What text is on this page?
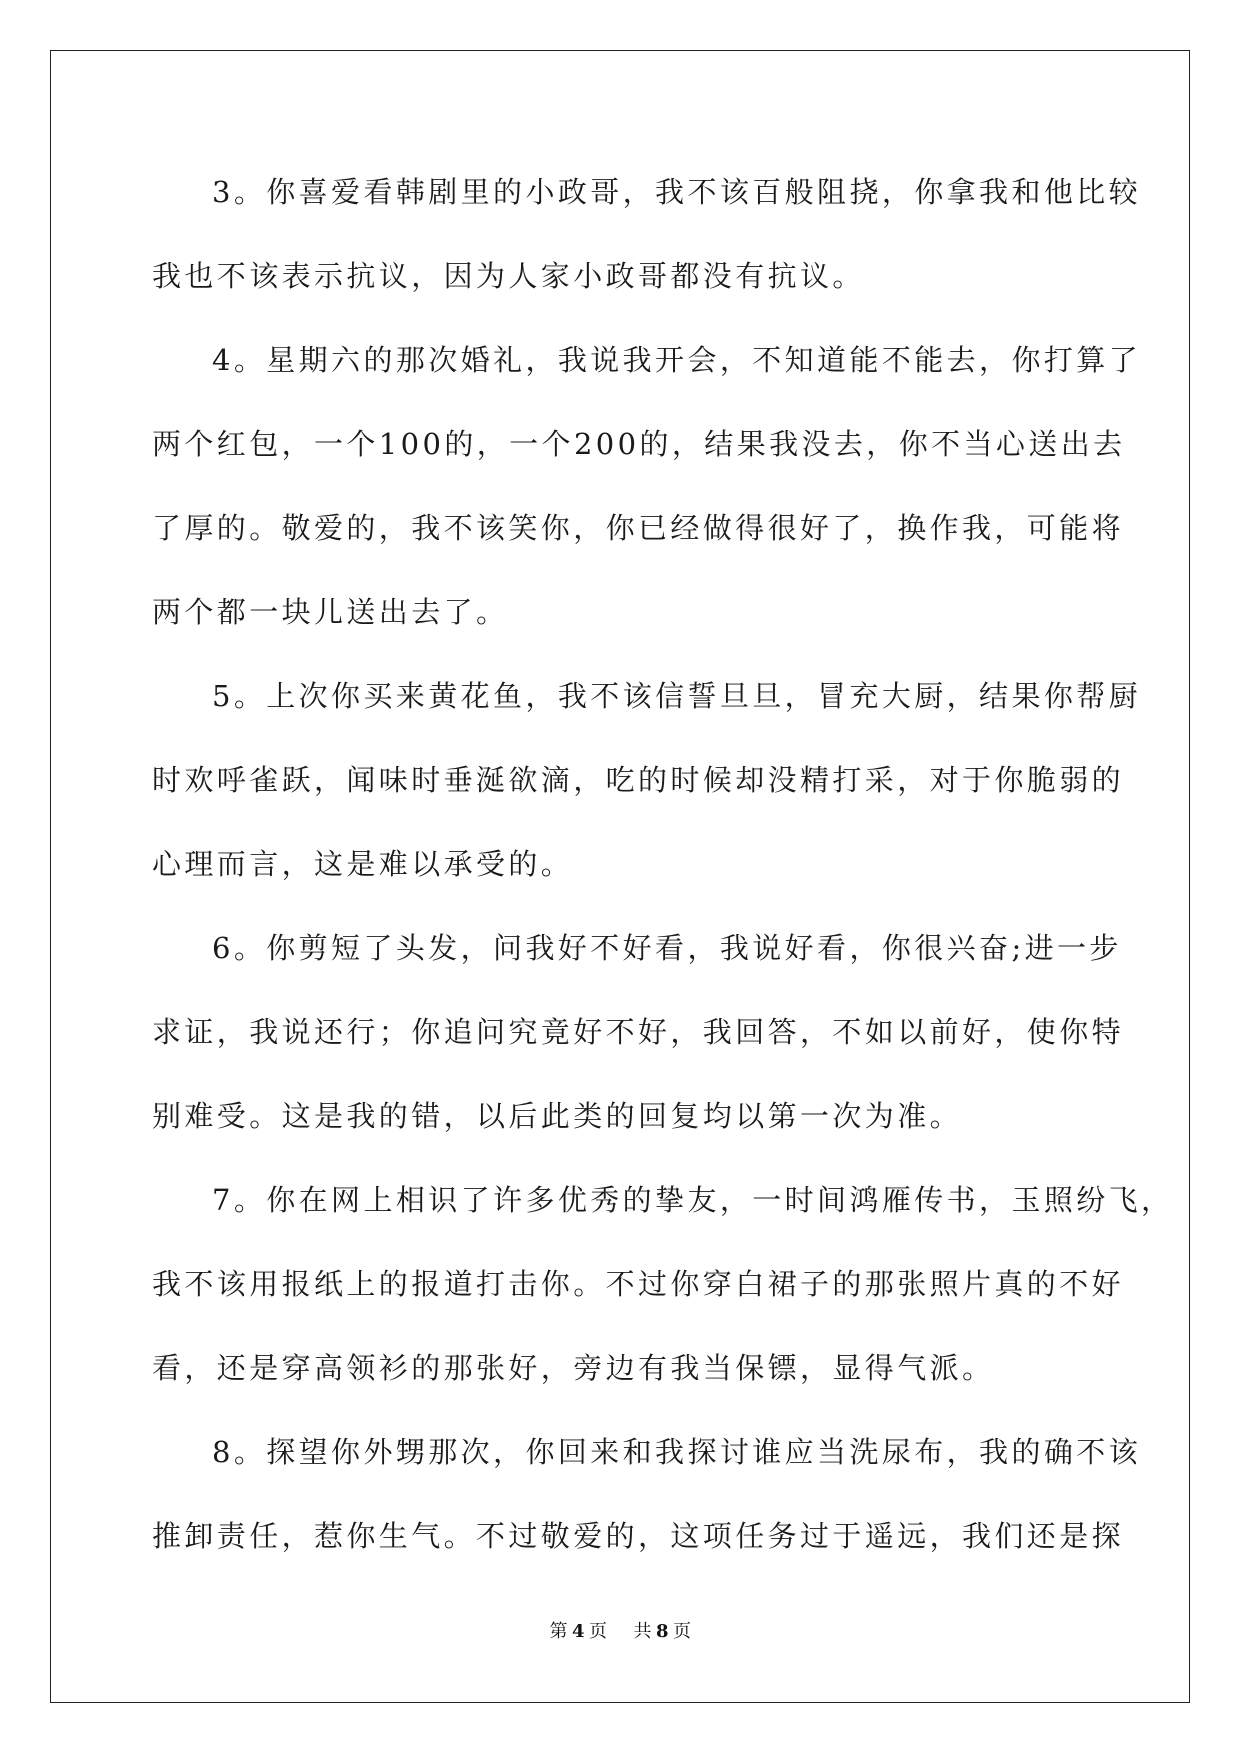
3。你喜爱看韩剧里的小政哥，我不该百般阻挠，你拿我和他比较
我也不该表示抗议，因为人家小政哥都没有抗议。
4。星期六的那次婚礼，我说我开会，不知道能不能去，你打算了
两个红包，一个100的，一个200的，结果我没去，你不当心送出去
了厚的。敬爱的，我不该笑你，你已经做得很好了，换作我，可能将
两个都一块儿送出去了。
5。上次你买来黄花鱼，我不该信誓旦旦，冒充大厨，结果你帮厨
时欢呼雀跃，闻味时垂涎欲滴，吃的时候却没精打采，对于你脆弱的
心理而言，这是难以承受的。
6。你剪短了头发，问我好不好看，我说好看，你很兴奋;进一步
求证，我说还行；你追问究竟好不好，我回答，不如以前好，使你特
别难受。这是我的错，以后此类的回复均以第一次为准。
7。你在网上相识了许多优秀的挚友，一时间鸿雁传书，玉照纷飞，
我不该用报纸上的报道打击你。不过你穿白裙子的那张照片真的不好
看，还是穿高领衫的那张好，旁边有我当保镖，显得气派。
8。探望你外甥那次，你回来和我探讨谁应当洗尿布，我的确不该
推卸责任，惹你生气。不过敬爱的，这项任务过于遥远，我们还是探
第 4 页 共 8 页
